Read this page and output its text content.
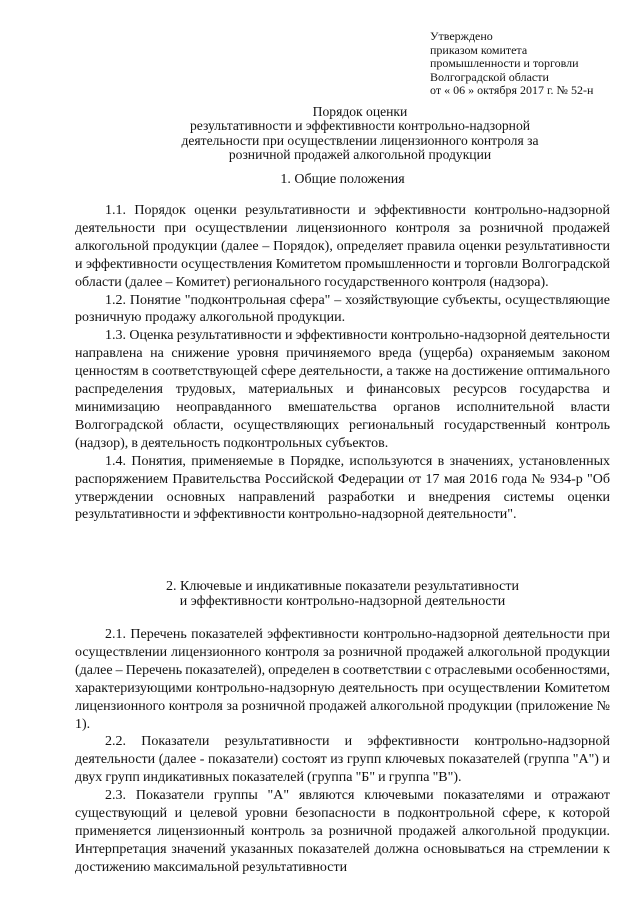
Утверждено
приказом комитета
промышленности и торговли
Волгоградской области
от « 06 » октября 2017 г. № 52-н
Порядок оценки
результативности и эффективности контрольно-надзорной
деятельности при осуществлении лицензионного контроля за
розничной продажей алкогольной продукции
1. Общие положения

1.1. Порядок оценки результативности и эффективности контрольно-надзорной деятельности при осуществлении лицензионного контроля за розничной продажей алкогольной продукции (далее – Порядок), определяет правила оценки результативности и эффективности осуществления Комитетом промышленности и торговли Волгоградской области (далее – Комитет) регионального государственного контроля (надзора).

1.2. Понятие "подконтрольная сфера" – хозяйствующие субъекты, осуществляющие розничную продажу алкогольной продукции.

1.3. Оценка результативности и эффективности контрольно-надзорной деятельности направлена на снижение уровня причиняемого вреда (ущерба) охраняемым законом ценностям в соответствующей сфере деятельности, а также на достижение оптимального распределения трудовых, материальных и финансовых ресурсов государства и минимизацию неоправданного вмешательства органов исполнительной власти Волгоградской области, осуществляющих региональный государственный контроль (надзор), в деятельность подконтрольных субъектов.

1.4. Понятия, применяемые в Порядке, используются в значениях, установленных распоряжением Правительства Российской Федерации от 17 мая 2016 года № 934-р "Об утверждении основных направлений разработки и внедрения системы оценки результативности и эффективности контрольно-надзорной деятельности".

2. Ключевые и индикативные показатели результативности
и эффективности контрольно-надзорной деятельности

2.1. Перечень показателей эффективности контрольно-надзорной деятельности при осуществлении лицензионного контроля за розничной продажей алкогольной продукции (далее – Перечень показателей), определен в соответствии с отраслевыми особенностями, характеризующими контрольно-надзорную деятельность при осуществлении Комитетом лицензионного контроля за розничной продажей алкогольной продукции (приложение № 1).

2.2. Показатели результативности и эффективности контрольно-надзорной деятельности (далее - показатели) состоят из групп ключевых показателей (группа "А") и двух групп индикативных показателей (группа "Б" и группа "В").

2.3. Показатели группы "А" являются ключевыми показателями и отражают существующий и целевой уровни безопасности в подконтрольной сфере, к которой применяется лицензионный контроль за розничной продажей алкогольной продукции. Интерпретация значений указанных показателей должна основываться на стремлении к достижению максимальной результативности
